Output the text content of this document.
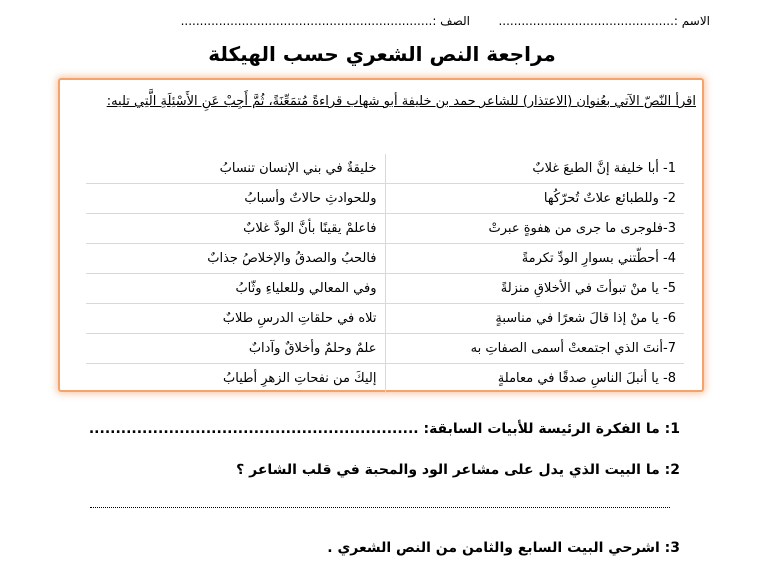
الاسم :..............................................
الصف :..................................................................
مراجعة النص الشعري حسب الهيكلة
اقرأ النّصّ الآتي بعُنوان (الاعتذار) للشاعر حمد بن خليفة أبو شهاب قراءةً مُتمَعِّنَةً، ثُمَّ أَجِبْ عَنِ الأَسْئِلَةِ الَّتِي تليه:
1- أبا خليفة إنَّ الطبعَ غلابٌ	خليقةٌ في بني الإنسان تنسابُ
2- وللطبائع علاتٌ تُحرّكُها	وللحوادثِ حالاتٌ وأسبابُ
3-فلوجرى ما جرى من هفوةٍ عبرتْ	فاعلمْ يقينًا بأنَّ الودَّ غلابٌ
4- أحطّتني بسوارِ الودِّ تكرمةً	فالحبُ والصدقُ والإخلاصُ جذابٌ
5- يا منْ تبوأتَ في الأخلاقِ منزلةً	وفي المعالي وللعلياءِ وثّابُ
6- يا منْ إذا قالَ شعرًا في مناسبةٍ	تلاه في حلقاتِ الدرسِ طلابٌ
7-أنتَ الذي اجتمعتْ أسمى الصفاتِ به	علمٌ وحلمٌ وأخلاقٌ وآدابٌ
8- يا أنبلَ الناسِ صدقًا في معاملةٍ	إليكَ من نفحاتِ الزهرِ أطيابُ
1: ما الفكرة الرئيسة للأبيات السابقة: ..............................................................
2: ما البيت الذي يدل على مشاعر الود والمحبة في قلب الشاعر ؟
3: اشرحي البيت السابع والثامن من النص الشعري .
